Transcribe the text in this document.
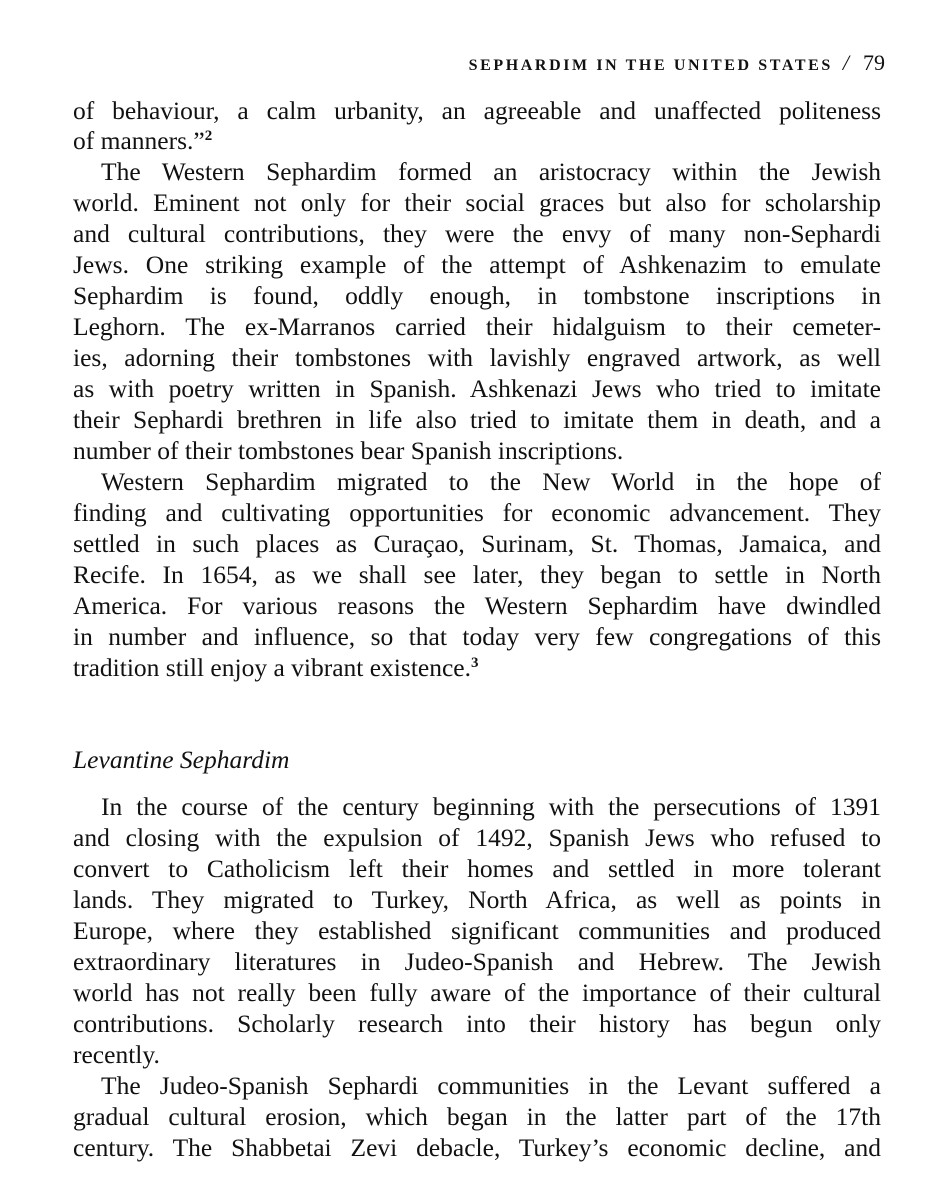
SEPHARDIM IN THE UNITED STATES / 79
of behaviour, a calm urbanity, an agreeable and unaffected politeness
of manners.”$^2$
The Western Sephardim formed an aristocracy within the Jewish
world. Eminent not only for their social graces but also for scholarship
and cultural contributions, they were the envy of many non-Sephardi
Jews. One striking example of the attempt of Ashkenazim to emulate
Sephardim is found, oddly enough, in tombstone inscriptions in
Leghorn. The ex-Marranos carried their hidalguism to their cemeter-
ies, adorning their tombstones with lavishly engraved artwork, as well
as with poetry written in Spanish. Ashkenazi Jews who tried to imitate
their Sephardi brethren in life also tried to imitate them in death, and a
number of their tombstones bear Spanish inscriptions.
Western Sephardim migrated to the New World in the hope of
finding and cultivating opportunities for economic advancement. They
settled in such places as Curaçao, Surinam, St. Thomas, Jamaica, and
Recife. In 1654, as we shall see later, they began to settle in North
America. For various reasons the Western Sephardim have dwindled
in number and influence, so that today very few congregations of this
tradition still enjoy a vibrant existence.$^3$
Levantine Sephardim
In the course of the century beginning with the persecutions of 1391
and closing with the expulsion of 1492, Spanish Jews who refused to
convert to Catholicism left their homes and settled in more tolerant
lands. They migrated to Turkey, North Africa, as well as points in
Europe, where they established significant communities and produced
extraordinary literatures in Judeo-Spanish and Hebrew. The Jewish
world has not really been fully aware of the importance of their cultural
contributions. Scholarly research into their history has begun only
recently.
The Judeo-Spanish Sephardi communities in the Levant suffered a
gradual cultural erosion, which began in the latter part of the 17th
century. The Shabbetai Zevi debacle, Turkey’s economic decline, and
